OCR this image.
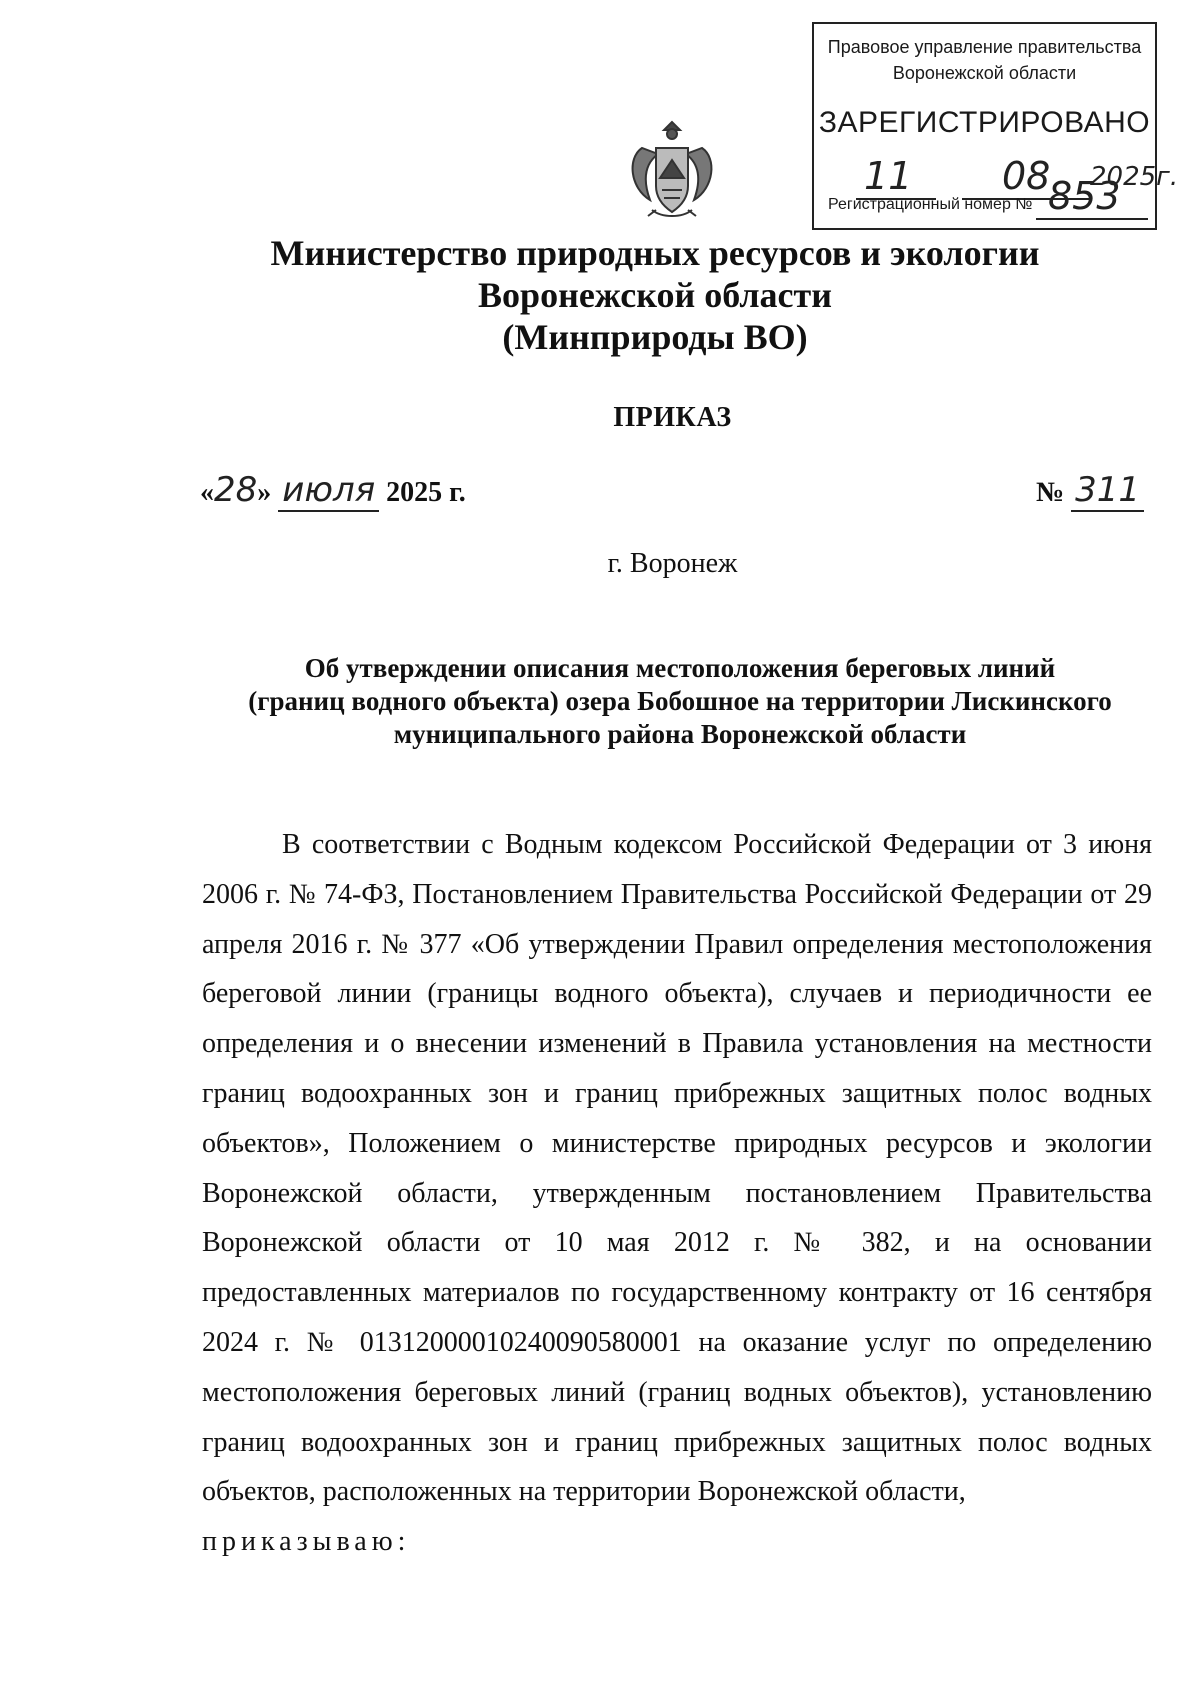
Правовое управление правительства
Воронежской области
ЗАРЕГИСТРИРОВАНО
11 08 2025г.
Регистрационный номер № 853
Министерство природных ресурсов и экологии
Воронежской области
(Минприроды ВО)
ПРИКАЗ
«28» июля 2025 г.	№ 311
г. Воронеж
Об утверждении описания местоположения береговых линий
(границ водного объекта) озера Бобошное на территории Лискинского
муниципального района Воронежской области

В соответствии с Водным кодексом Российской Федерации от 3 июня 2006 г. № 74-ФЗ, Постановлением Правительства Российской Федерации от 29 апреля 2016 г. № 377 «Об утверждении Правил определения местоположения береговой линии (границы водного объекта), случаев и периодичности ее определения и о внесении изменений в Правила установления на местности границ водоохранных зон и границ прибрежных защитных полос водных объектов», Положением о министерстве природных ресурсов и экологии Воронежской области, утвержденным постановлением Правительства Воронежской области от 10 мая 2012 г. № 382, и на основании предоставленных материалов по государственному контракту от 16 сентября 2024 г. № 0131200001024009058000‍1 на оказание услуг по определению местоположения береговых линий (границ водных объектов), установлению границ водоохранных зон и границ прибрежных защитных полос водных объектов, расположенных на территории Воронежской области,
приказываю:
